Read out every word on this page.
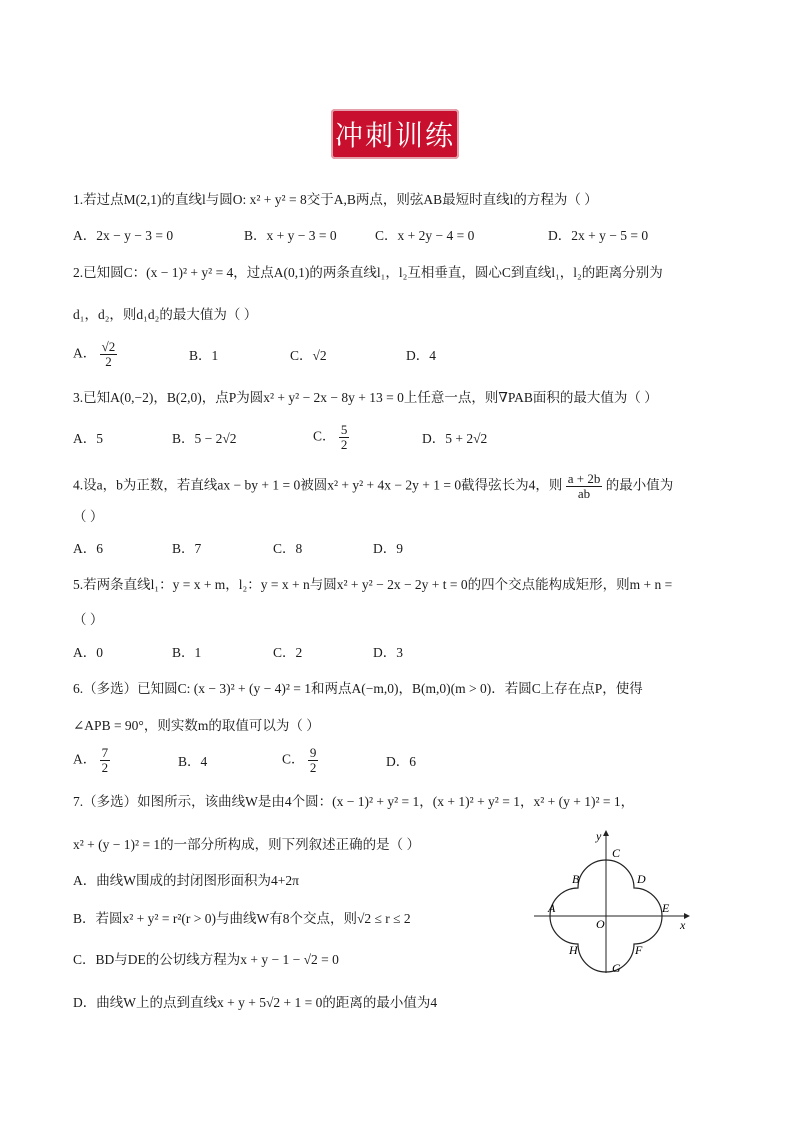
冲刺训练
1.若过点M(2,1)的直线l与圆O: x² + y² = 8交于A,B两点，则弦AB最短时直线l的方程为（ ）
A．2x − y − 3 = 0	B．x + y − 3 = 0	C．x + 2y − 4 = 0	D．2x + y − 5 = 0
2.已知圆C：(x − 1)² + y² = 4，过点A(0,1)的两条直线l₁，l₂互相垂直，圆心C到直线l₁，l₂的距离分别为
d₁，d₂，则d₁d₂的最大值为（ ）
A． $\frac{√2}{2}$	B．1	C．√2	D．4
3.已知A(0,−2)，B(2,0)，点P为圆x² + y² − 2x − 8y + 13 = 0上任意一点，则∇PAB面积的最大值为（ ）
A．5	B．5 − 2√2	C． $\frac{5}{2}$	D．5 + 2√2
4.设a，b为正数，若直线ax − by + 1 = 0被圆x² + y² + 4x − 2y + 1 = 0截得弦长为4，则 $\frac{a + 2b}{ab}$ 的最小值为
（ ）
A．6	B．7	C．8	D．9
5.若两条直线l₁：y = x + m，l₂：y = x + n与圆x² + y² − 2x − 2y + t = 0的四个交点能构成矩形，则m + n =
（ ）
A．0	B．1	C．2	D．3
6.（多选）已知圆C: (x − 3)² + (y − 4)² = 1和两点A(−m,0)，B(m,0)(m > 0)．若圆C上存在点P，使得
∠APB = 90°，则实数m的取值可以为（ ）
A． $\frac{7}{2}$	B．4	C． $\frac{9}{2}$	D．6
7.（多选）如图所示，该曲线W是由4个圆：(x − 1)² + y² = 1，(x + 1)² + y² = 1，x² + (y + 1)² = 1，
x² + (y − 1)² = 1的一部分所构成，则下列叙述正确的是（ ）
A．曲线W围成的封闭图形面积为4+2π
B．若圆x² + y² = r²(r > 0)与曲线W有8个交点，则√2 ≤ r ≤ 2
C．BD与DE的公切线方程为x + y − 1 − √2 = 0
D．曲线W上的点到直线x + y + 5√2 + 1 = 0的距离的最小值为4
y
x
O
A
B
C
D
E
F
G
H
